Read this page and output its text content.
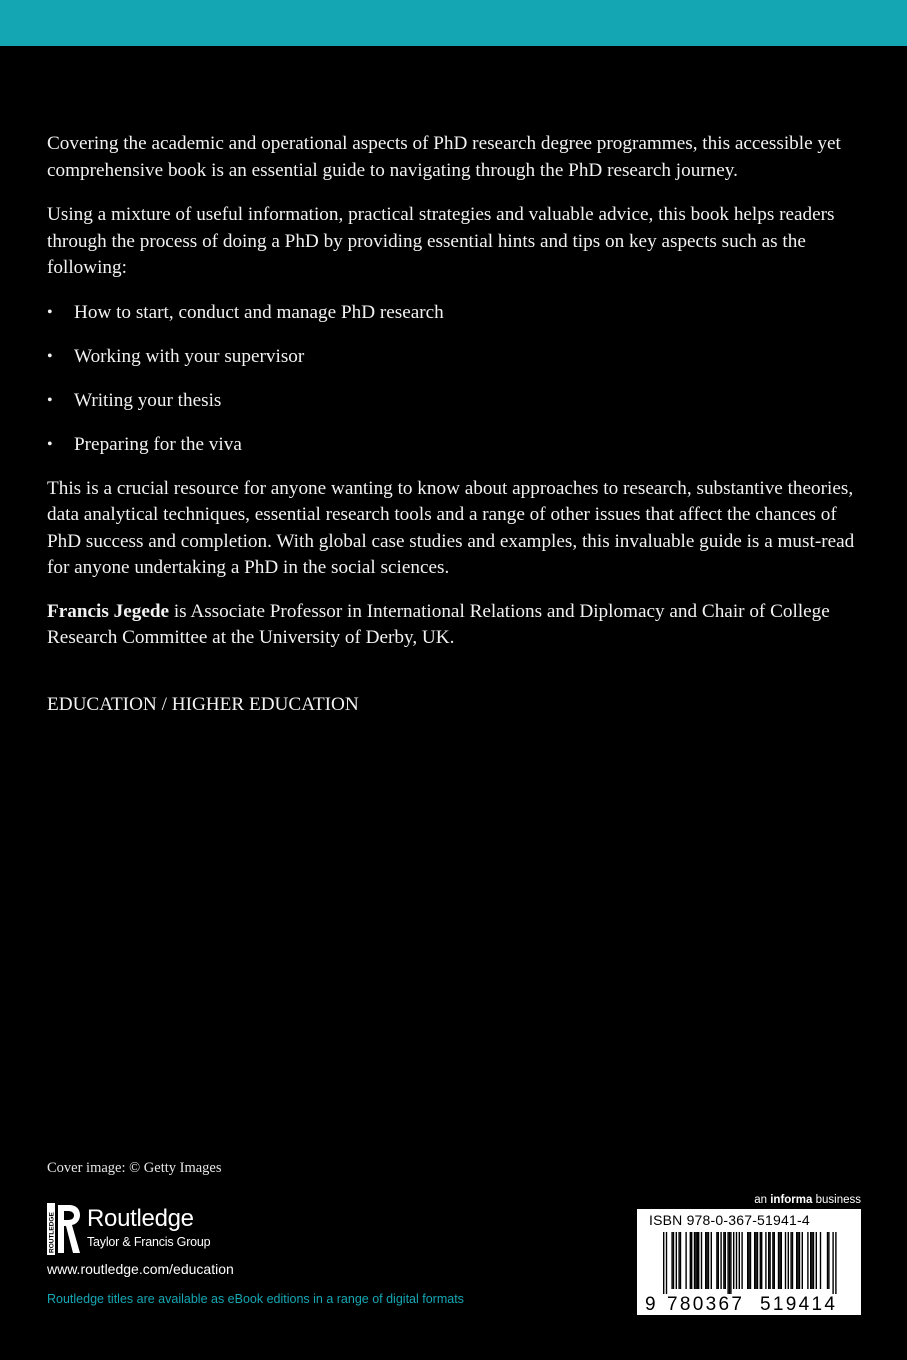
Covering the academic and operational aspects of PhD research degree programmes, this accessible yet comprehensive book is an essential guide to navigating through the PhD research journey.

Using a mixture of useful information, practical strategies and valuable advice, this book helps readers through the process of doing a PhD by providing essential hints and tips on key aspects such as the following:

• How to start, conduct and manage PhD research
• Working with your supervisor
• Writing your thesis
• Preparing for the viva

This is a crucial resource for anyone wanting to know about approaches to research, substantive theories, data analytical techniques, essential research tools and a range of other issues that affect the chances of PhD success and completion. With global case studies and examples, this invaluable guide is a must-read for anyone undertaking a PhD in the social sciences.

Francis Jegede is Associate Professor in International Relations and Diplomacy and Chair of College Research Committee at the University of Derby, UK.

EDUCATION / HIGHER EDUCATION
Cover image: © Getty Images
ROUTLEDGE Routledge
Taylor & Francis Group
www.routledge.com/education
Routledge titles are available as eBook editions in a range of digital formats
an informa business
ISBN 978-0-367-51941-4
9 780367 519414
